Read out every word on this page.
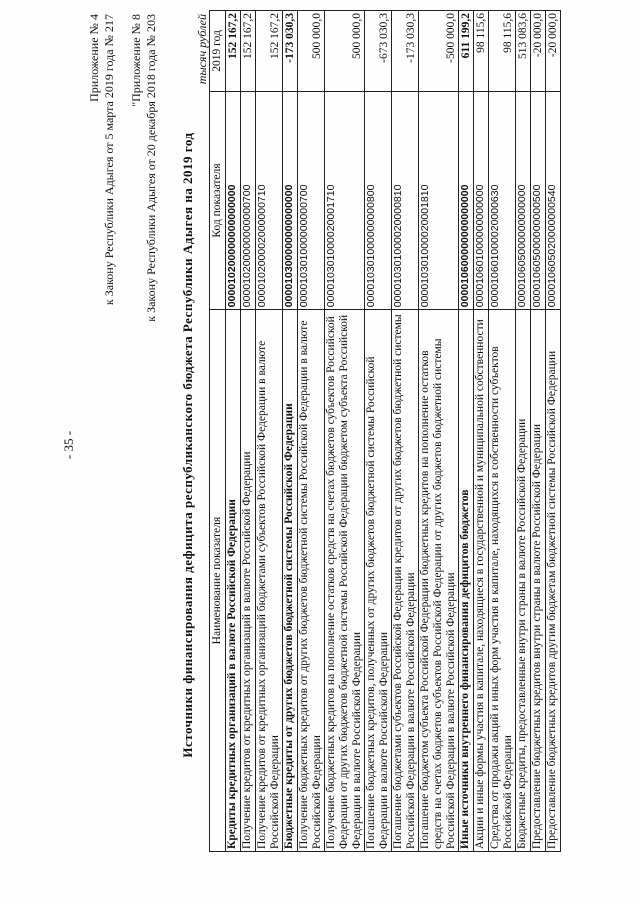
- 35 -
Приложение № 4 к Закону Республики Адыгея от 5 марта 2019 года № 217 "Приложение № 8 к Закону Республики Адыгея от 20 декабря 2018 года № 203 Источники финансирования дефицита республиканского бюджета Республики Адыгея на 2019 год
тысяч рублей
Наименование показателя	Код показателя	2019 год
Кредиты кредитных организаций в валюте Российской Федерации	000010200000000000000	152 167,2
Получение кредитов от кредитных организаций в валюте Российской Федерации	000010200000000000700	152 167,2
Получение кредитов от кредитных организаций бюджетами субъектов Российской Федерации в валюте Российской Федерации	000010200002000000710	152 167,2
Бюджетные кредиты от других бюджетов бюджетной системы Российской Федерации	000010300000000000000	-173 030,3
Получение бюджетных кредитов от других бюджетов бюджетной системы Российской Федерации в валюте Российской Федерации	000010301000000000700	500 000,0
Получение бюджетных кредитов на пополнение остатков средств на счетах бюджетов субъектов Российской Федерации от других бюджетов бюджетной системы Российской Федерации бюджетом субъекта Российской Федерации в валюте Российской Федерации	000010301000020001710	500 000,0
Погашение бюджетных кредитов, полученных от других бюджетов бюджетной системы Российской Федерации в валюте Российской Федерации	000010301000000000800	-673 030,3
Погашение бюджетами субъектов Российской Федерации кредитов от других бюджетов бюджетной системы Российской Федерации в валюте Российской Федерации	000010301000020000810	-173 030,3
Погашение бюджетом субъекта Российской Федерации бюджетных кредитов на пополнение остатков средств на счетах бюджетов субъектов Российской Федерации от других бюджетов бюджетной системы Российской Федерации в валюте Российской Федерации	000010301000020001810	-500 000,0
Иные источники внутреннего финансирования дефицитов бюджетов	000010600000000000000	611 199,2
Акции и иные формы участия в капитале, находящиеся в государственной и муниципальной собственности	000010601000000000000	98 115,6
Средства от продажи акций и иных форм участия в капитале, находящихся в собственности субъектов Российской Федерации	000010601000020000630	98 115,6
Бюджетные кредиты, предоставленные внутри страны в валюте Российской Федерации	000010605000000000000	513 083,6
Предоставление бюджетных кредитов внутри страны в валюте Российской Федерации	000010605000000000500	-20 000,0
Предоставление бюджетных кредитов другим бюджетам бюджетной системы Российской Федерации	000010605020000000540	-20 000,0
